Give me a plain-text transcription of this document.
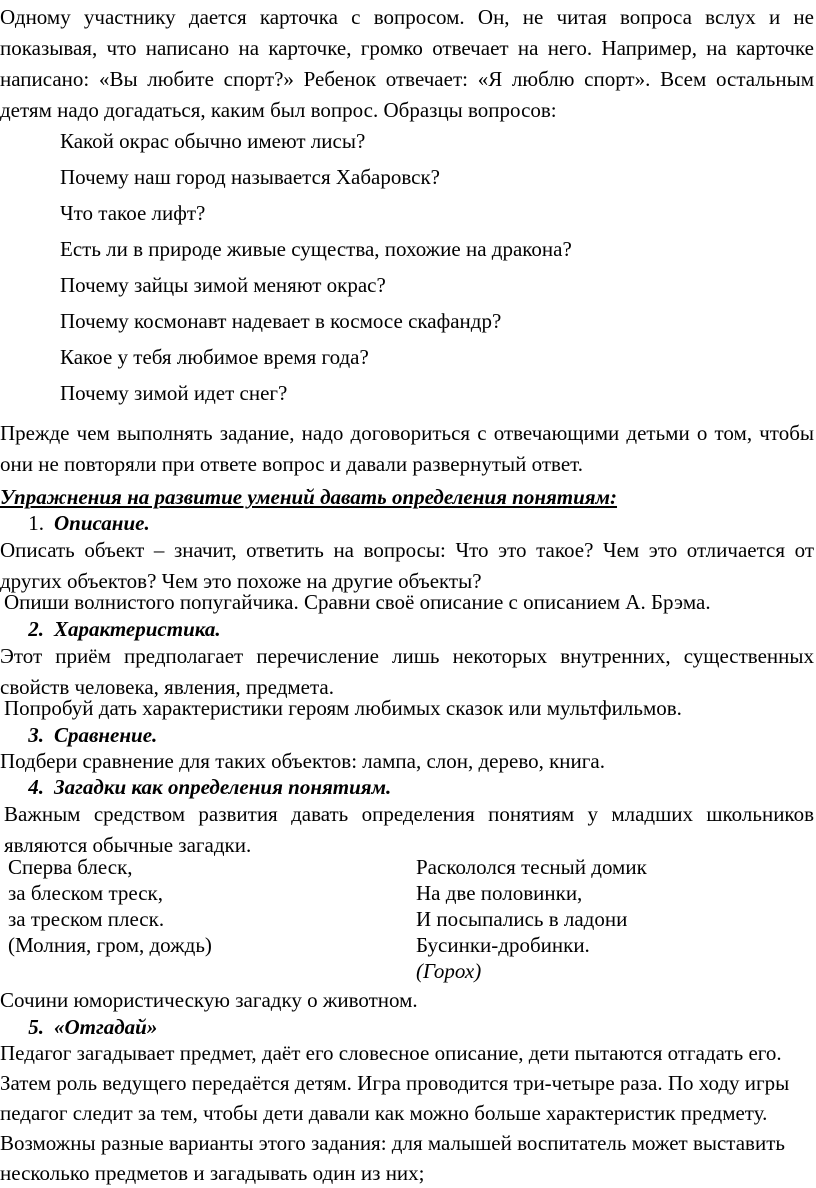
Одному участнику дается карточка с вопросом. Он, не читая вопроса вслух и не показывая, что написано на карточке, громко отвечает на него. Например, на карточке написано: «Вы любите спорт?» Ребенок отвечает: «Я люблю спорт». Всем остальным детям надо догадаться, каким был вопрос. Образцы вопросов:
Какой окрас обычно имеют лисы?
Почему наш город называется Хабаровск?
Что такое лифт?
Есть ли в природе живые существа, похожие на дракона?
Почему зайцы зимой меняют окрас?
Почему космонавт надевает в космосе скафандр?
Какое у тебя любимое время года?
Почему зимой идет снег?
Прежде чем выполнять задание, надо договориться с отвечающими детьми о том, чтобы они не повторяли при ответе вопрос и давали развернутый ответ.
Упражнения на развитие умений давать определения понятиям:
1. Описание.
Описать объект – значит, ответить на вопросы: Что это такое? Чем это отличается от других объектов? Чем это похоже на другие объекты?
Опиши волнистого попугайчика. Сравни своё описание с описанием А. Брэма.
2. Характеристика.
Этот приём предполагает перечисление лишь некоторых внутренних, существенных свойств человека, явления, предмета.
Попробуй дать характеристики героям любимых сказок или мультфильмов.
3. Сравнение.
Подбери сравнение для таких объектов: лампа, слон, дерево, книга.
4. Загадки как определения понятиям.
Важным средством развития давать определения понятиям у младших школьников являются обычные загадки.
Сперва блеск,
за блеском треск,
за треском плеск.
(Молния, гром, дождь)
Раскололся тесный домик
На две половинки,
И посыпались в ладони
Бусинки-дробинки.
(Горох)
Сочини юмористическую загадку о животном.
5. «Отгадай»
Педагог загадывает предмет, даёт его словесное описание, дети пытаются отгадать его. Затем роль ведущего передаётся детям. Игра проводится три-четыре раза. По ходу игры педагог следит за тем, чтобы дети давали как можно больше характеристик предмету. Возможны разные варианты этого задания: для малышей воспитатель может выставить несколько предметов и загадывать один из них;
